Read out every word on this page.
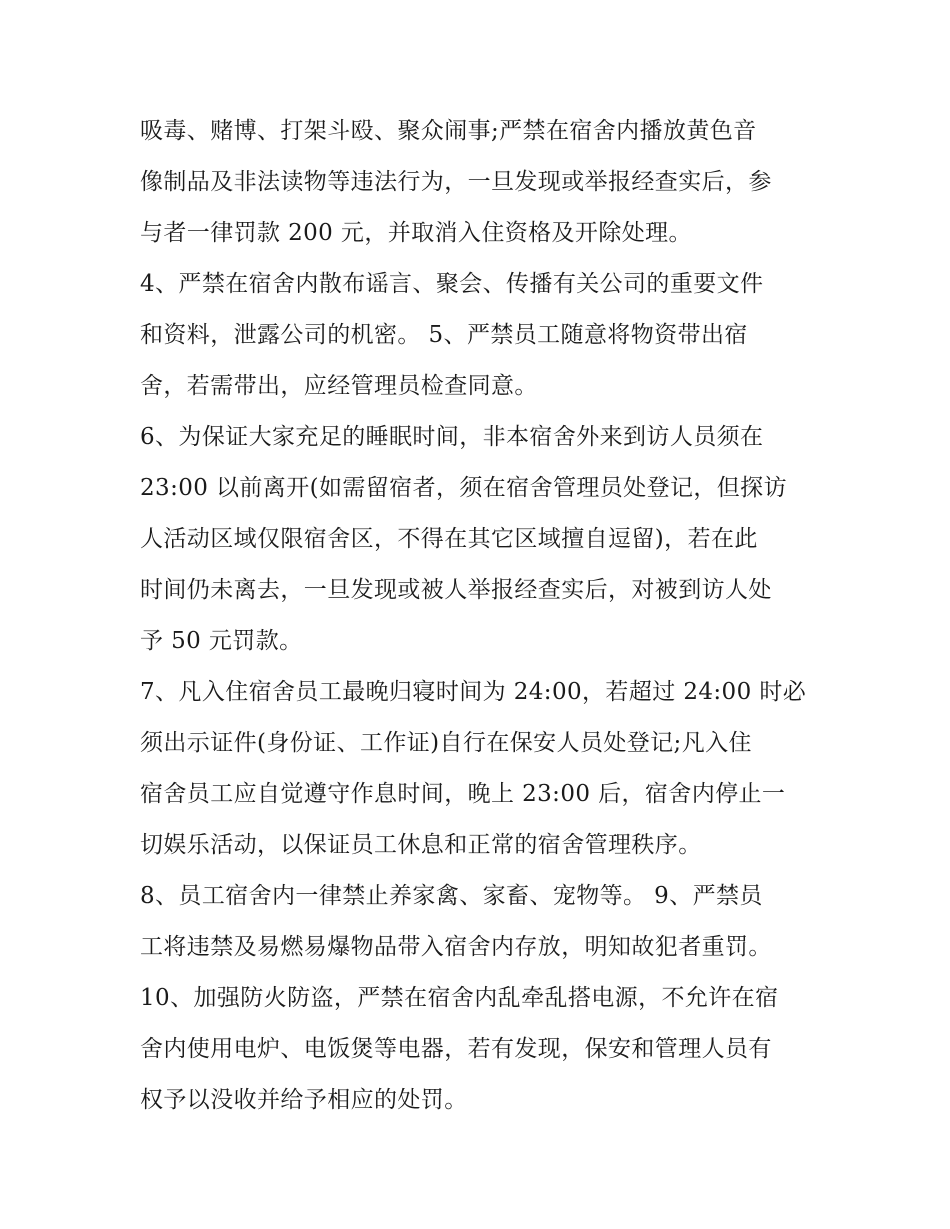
吸毒、赌博、打架斗殴、聚众闹事;严禁在宿舍内播放黄色音
像制品及非法读物等违法行为，一旦发现或举报经查实后，参
与者一律罚款 200 元，并取消入住资格及开除处理。
4、严禁在宿舍内散布谣言、聚会、传播有关公司的重要文件
和资料，泄露公司的机密。 5、严禁员工随意将物资带出宿
舍，若需带出，应经管理员检查同意。
6、为保证大家充足的睡眠时间，非本宿舍外来到访人员须在
23:00 以前离开(如需留宿者，须在宿舍管理员处登记，但探访
人活动区域仅限宿舍区，不得在其它区域擅自逗留)，若在此
时间仍未离去，一旦发现或被人举报经查实后，对被到访人处
予 50 元罚款。
7、凡入住宿舍员工最晚归寝时间为 24:00，若超过 24:00 时必
须出示证件(身份证、工作证)自行在保安人员处登记;凡入住
宿舍员工应自觉遵守作息时间，晚上 23:00 后，宿舍内停止一
切娱乐活动，以保证员工休息和正常的宿舍管理秩序。
8、员工宿舍内一律禁止养家禽、家畜、宠物等。 9、严禁员
工将违禁及易燃易爆物品带入宿舍内存放，明知故犯者重罚。
10、加强防火防盗，严禁在宿舍内乱牵乱搭电源，不允许在宿
舍内使用电炉、电饭煲等电器，若有发现，保安和管理人员有
权予以没收并给予相应的处罚。
